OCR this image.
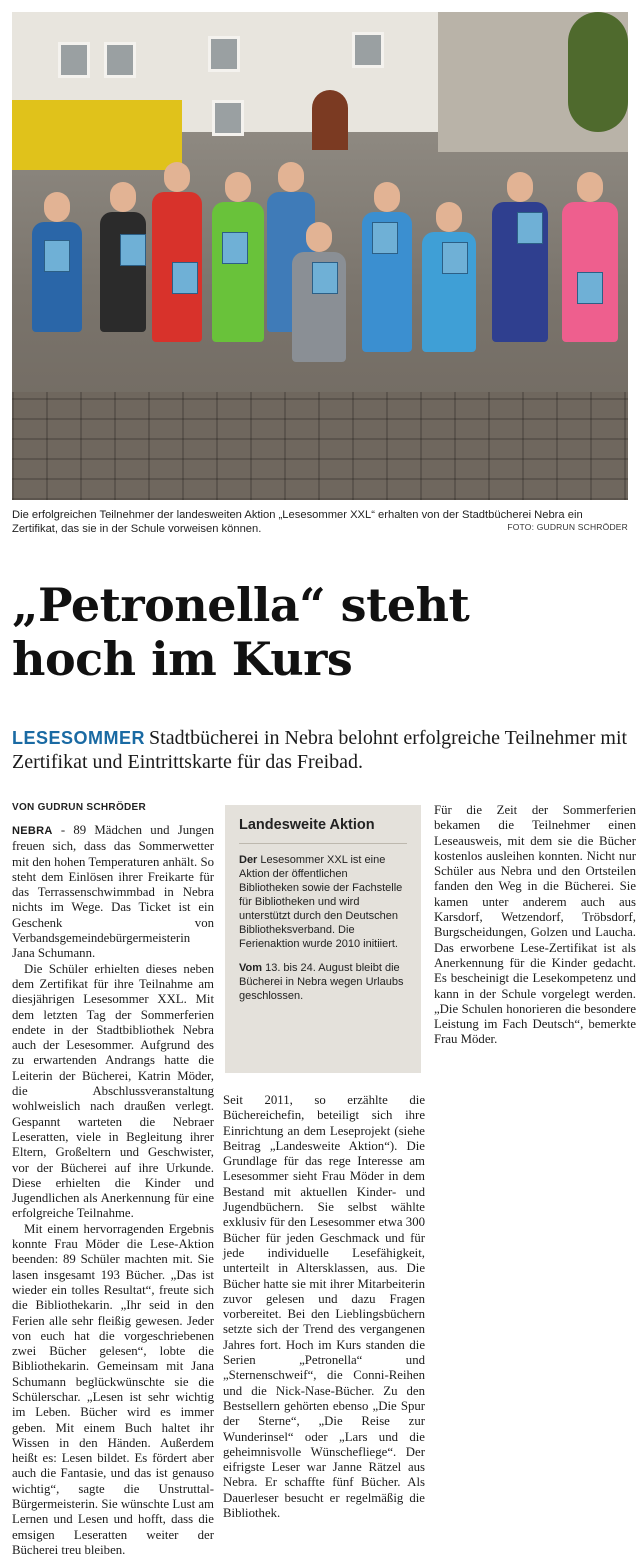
Die erfolgreichen Teilnehmer der landesweiten Aktion „Lesesommer XXL“ erhalten von der Stadtbücherei Nebra ein Zertifikat, das sie in der Schule vorweisen können.	FOTO: GUDRUN SCHRÖDER
„Petronella“ steht
hoch im Kurs
LESESOMMER Stadtbücherei in Nebra belohnt erfolgreiche Teilnehmer mit Zertifikat und Eintrittskarte für das Freibad.
VON GUDRUN SCHRÖDER

NEBRA - 89 Mädchen und Jungen freuen sich, dass das Sommerwetter mit den hohen Temperaturen anhält. So steht dem Einlösen ihrer Freikarte für das Terrassenschwimmbad in Nebra nichts im Wege. Das Ticket ist ein Geschenk von Verbandsgemeindebürgermeisterin Jana Schumann.

Die Schüler erhielten dieses neben dem Zertifikat für ihre Teilnahme am diesjährigen Lesesommer XXL. Mit dem letzten Tag der Sommerferien endete in der Stadtbibliothek Nebra auch der Lesesommer. Aufgrund des zu erwartenden Andrangs hatte die Leiterin der Bücherei, Katrin Möder, die Abschlussveranstaltung wohlweislich nach draußen verlegt. Gespannt warteten die Nebraer Leseratten, viele in Begleitung ihrer Eltern, Großeltern und Geschwister, vor der Bücherei auf ihre Urkunde. Diese erhielten die Kinder und Jugendlichen als Anerkennung für eine erfolgreiche Teilnahme.

Mit einem hervorragenden Ergebnis konnte Frau Möder die Lese-Aktion beenden: 89 Schüler machten mit. Sie lasen insgesamt 193 Bücher. „Das ist wieder ein tolles Resultat“, freute sich die Bibliothekarin. „Ihr seid in den Ferien alle sehr fleißig gewesen. Jeder von euch hat die vorgeschriebenen zwei Bücher gelesen“, lobte die Bibliothekarin. Gemeinsam mit Jana Schumann beglückwünschte sie die Schülerschar. „Lesen ist sehr wichtig im Leben. Bücher wird es immer geben. Mit einem Buch haltet ihr Wissen in den Händen. Außerdem heißt es: Lesen bildet. Es fördert aber auch die Fantasie, und das ist genauso wichtig“, sagte die Unstruttal-Bürgermeisterin. Sie wünschte Lust am Lernen und Lesen und hofft, dass die emsigen Leseratten weiter der Bücherei treu bleiben.

Landesweite Aktion

Der Lesesommer XXL ist eine Aktion der öffentlichen Bibliotheken sowie der Fachstelle für Bibliotheken und wird unterstützt durch den Deutschen Bibliotheksverband. Die Ferienaktion wurde 2010 initiiert.

Vom 13. bis 24. August bleibt die Bücherei in Nebra wegen Urlaubs geschlossen.

Seit 2011, so erzählte die Büchereichefin, beteiligt sich ihre Einrichtung an dem Leseprojekt (siehe Beitrag „Landesweite Aktion“). Die Grundlage für das rege Interesse am Lesesommer sieht Frau Möder in dem Bestand mit aktuellen Kinder- und Jugendbüchern. Sie selbst wählte exklusiv für den Lesesommer etwa 300 Bücher für jeden Geschmack und für jede individuelle Lesefähigkeit, unterteilt in Altersklassen, aus. Die Bücher hatte sie mit ihrer Mitarbeiterin zuvor gelesen und dazu Fragen vorbereitet. Bei den Lieblingsbüchern setzte sich der Trend des vergangenen Jahres fort. Hoch im Kurs standen die Serien „Petronella“ und „Sternenschweif“, die Conni-Reihen und die Nick-Nase-Bücher. Zu den Bestsellern gehörten ebenso „Die Spur der Sterne“, „Die Reise zur Wunderinsel“ oder „Lars und die geheimnisvolle Wünschefliege“. Der eifrigste Leser war Janne Rätzel aus Nebra. Er schaffte fünf Bücher. Als Dauerleser besucht er regelmäßig die Bibliothek.

Für die Zeit der Sommerferien bekamen die Teilnehmer einen Leseausweis, mit dem sie die Bücher kostenlos ausleihen konnten. Nicht nur Schüler aus Nebra und den Ortsteilen fanden den Weg in die Bücherei. Sie kamen unter anderem auch aus Karsdorf, Wetzendorf, Tröbsdorf, Burgscheidungen, Golzen und Laucha. Das erworbene Lese-Zertifikat ist als Anerkennung für die Kinder gedacht. Es bescheinigt die Lesekompetenz und kann in der Schule vorgelegt werden. „Die Schulen honorieren die besondere Leistung im Fach Deutsch“, bemerkte Frau Möder.
